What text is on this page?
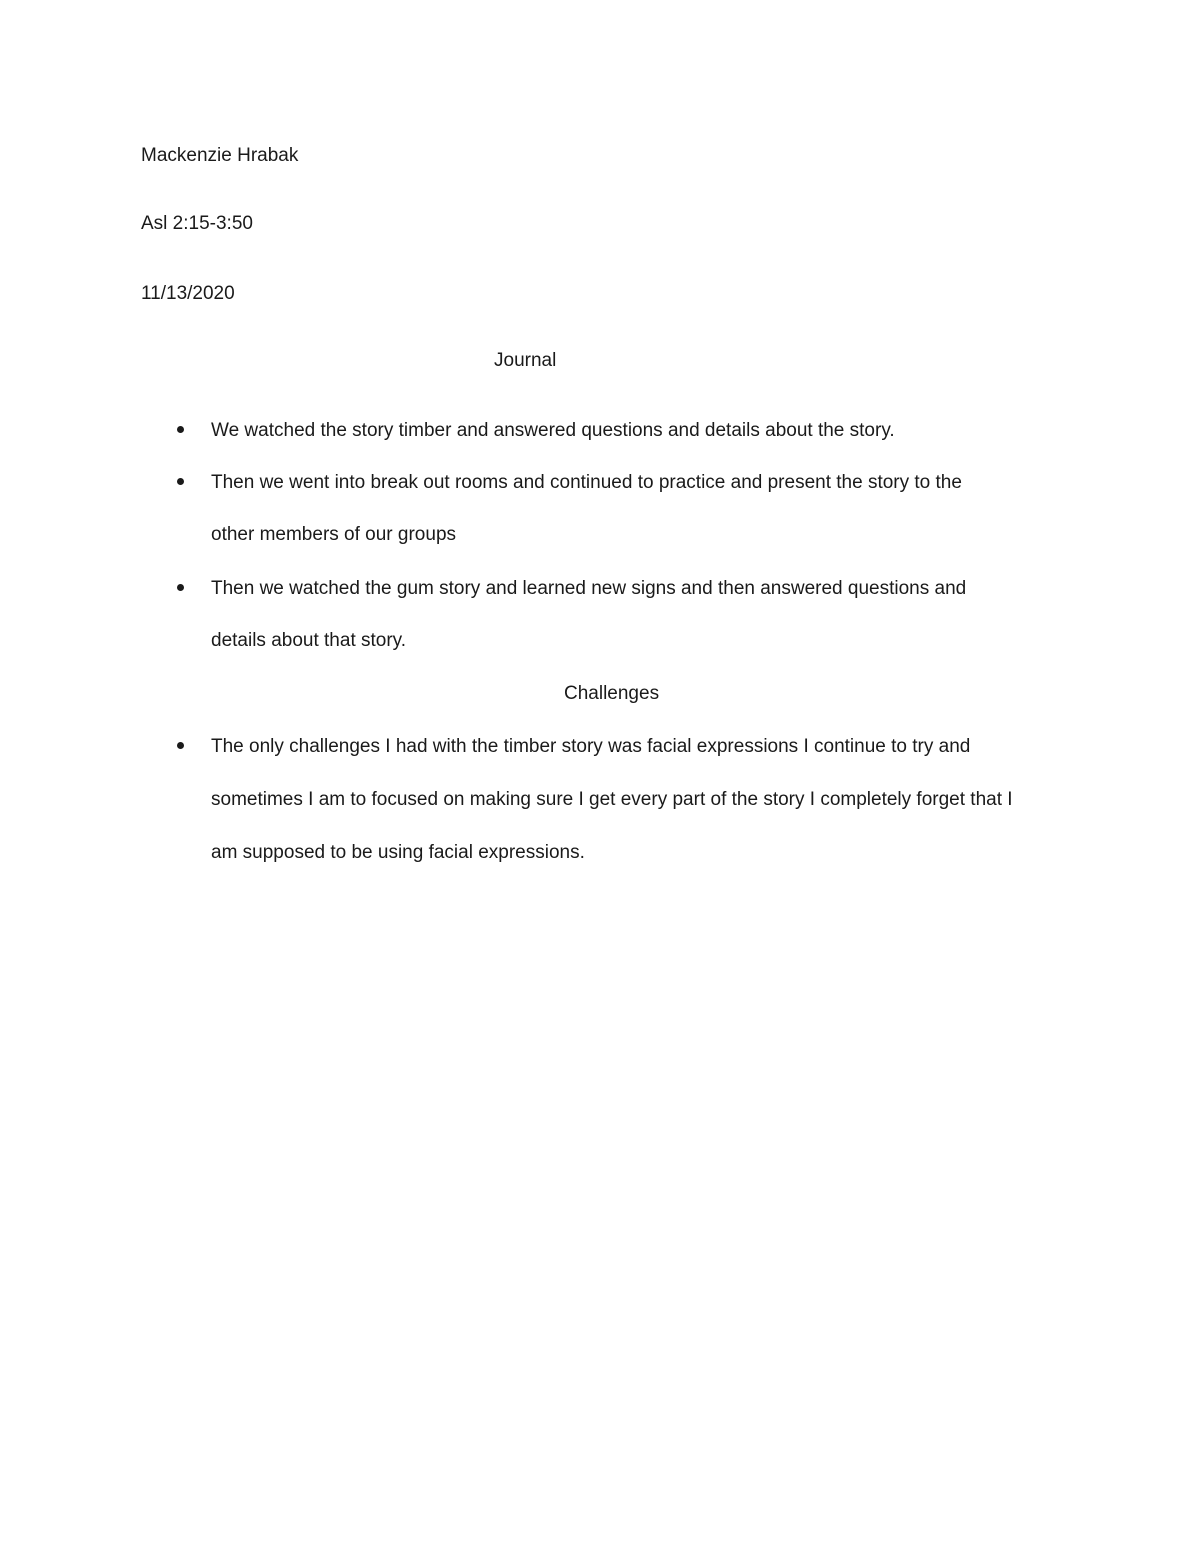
Mackenzie Hrabak
Asl 2:15-3:50
11/13/2020
Journal
We watched the story timber and answered questions and details about the story.
Then we went into break out rooms and continued to practice and present the story to the
other members of our groups
Then we watched the gum story and learned new signs and then answered questions and
details about that story.
Challenges
The only challenges I had with the timber story was facial expressions I continue to try and
sometimes I am to focused on making sure I get every part of the story I completely forget that I
am supposed to be using facial expressions.
